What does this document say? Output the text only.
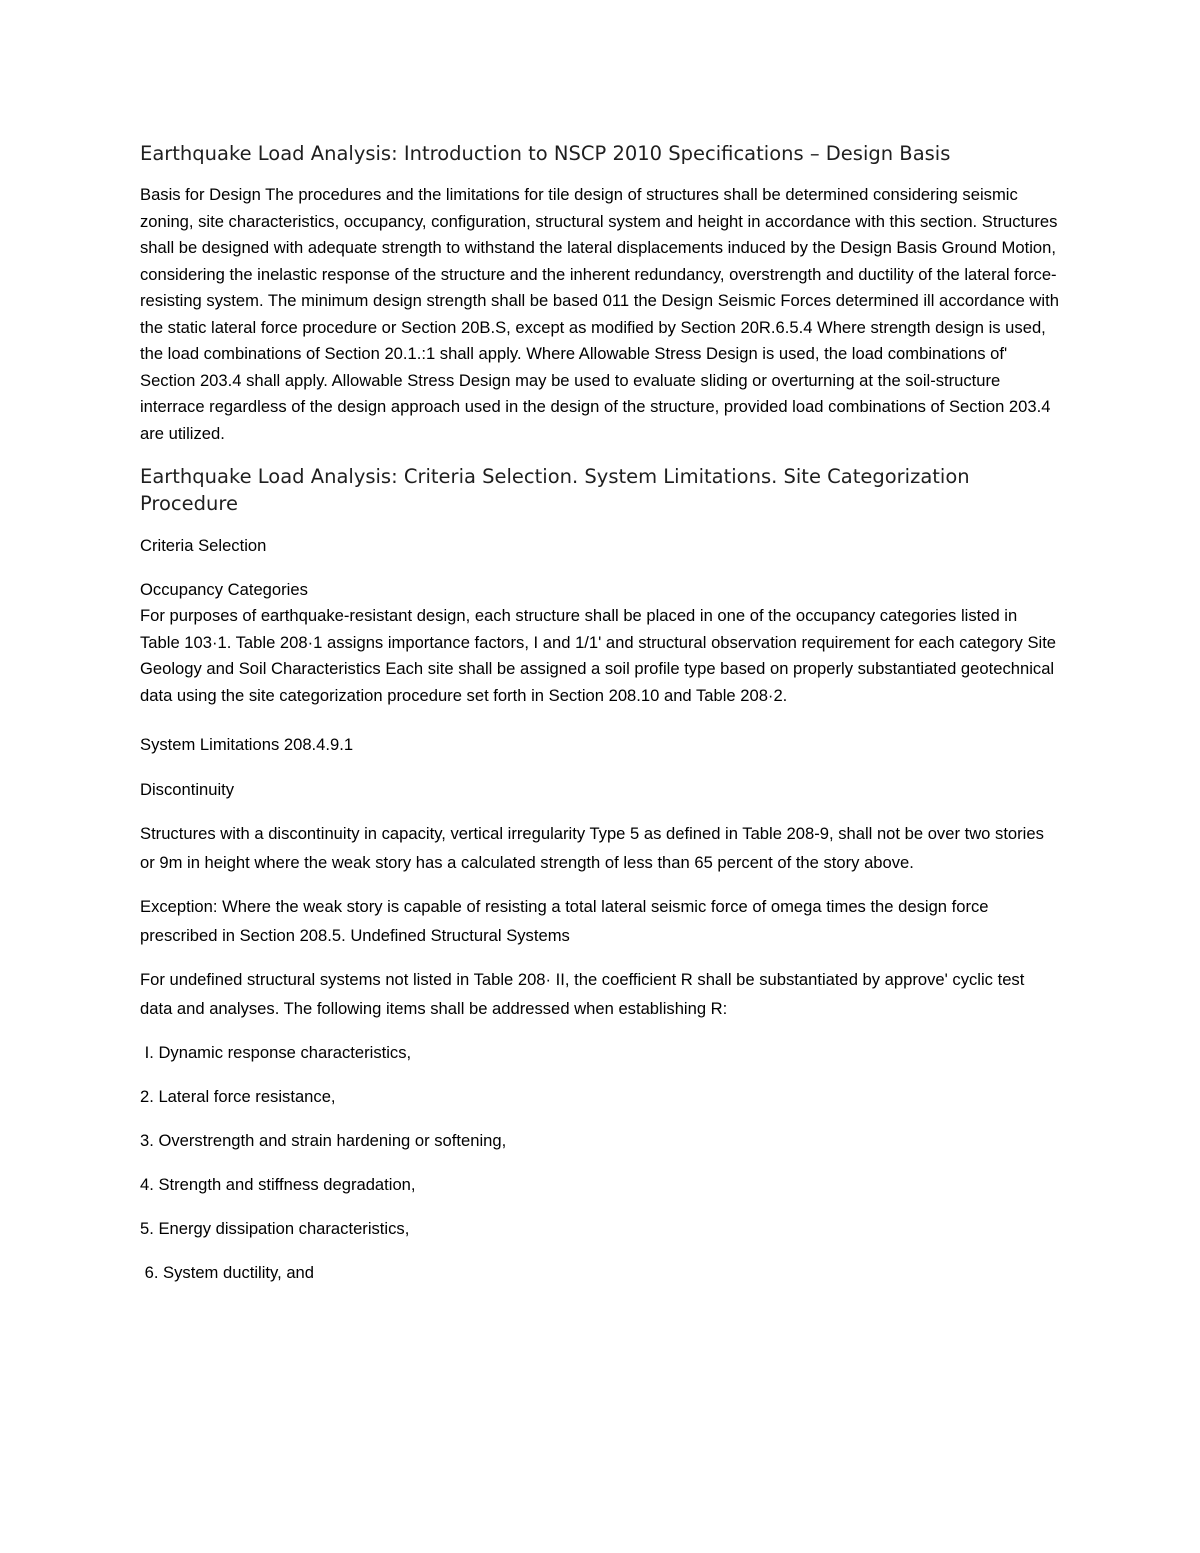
Earthquake Load Analysis: Introduction to NSCP 2010 Specifications – Design Basis

Basis for Design The procedures and the limitations for tile design of structures shall be determined considering seismic zoning, site characteristics, occupancy, configuration, structural system and height in accordance with this section. Structures shall be designed with adequate strength to withstand the lateral displacements induced by the Design Basis Ground Motion, considering the inelastic response of the structure and the inherent redundancy, overstrength and ductility of the lateral force-resisting system. The minimum design strength shall be based 011 the Design Seismic Forces determined ill accordance with the static lateral force procedure or Section 20B.S, except as modified by Section 20R.6.5.4 Where strength design is used, the load combinations of Section 20.1.:1 shall apply. Where Allowable Stress Design is used, the load combinations of' Section 203.4 shall apply. Allowable Stress Design may be used to evaluate sliding or overturning at the soil-structure interrace regardless of the design approach used in the design of the structure, provided load combinations of Section 203.4 are utilized.

Earthquake Load Analysis: Criteria Selection. System Limitations. Site Categorization Procedure

Criteria Selection

Occupancy Categories

For purposes of earthquake-resistant design, each structure shall be placed in one of the occupancy categories listed in Table 103·1. Table 208·1 assigns importance factors, I and 1/1' and structural observation requirement for each category Site Geology and Soil Characteristics Each site shall be assigned a soil profile type based on properly substantiated geotechnical data using the site categorization procedure set forth in Section 208.10 and Table 208·2.

System Limitations 208.4.9.1

Discontinuity

Structures with a discontinuity in capacity, vertical irregularity Type 5 as defined in Table 208-9, shall not be over two stories or 9m in height where the weak story has a calculated strength of less than 65 percent of the story above.

Exception: Where the weak story is capable of resisting a total lateral seismic force of omega times the design force prescribed in Section 208.5. Undefined Structural Systems

For undefined structural systems not listed in Table 208· II, the coefficient R shall be substantiated by approve' cyclic test data and analyses. The following items shall be addressed when establishing R:

I. Dynamic response characteristics,

2. Lateral force resistance,

3. Overstrength and strain hardening or softening,

4. Strength and stiffness degradation,

5. Energy dissipation characteristics,

6. System ductility, and
